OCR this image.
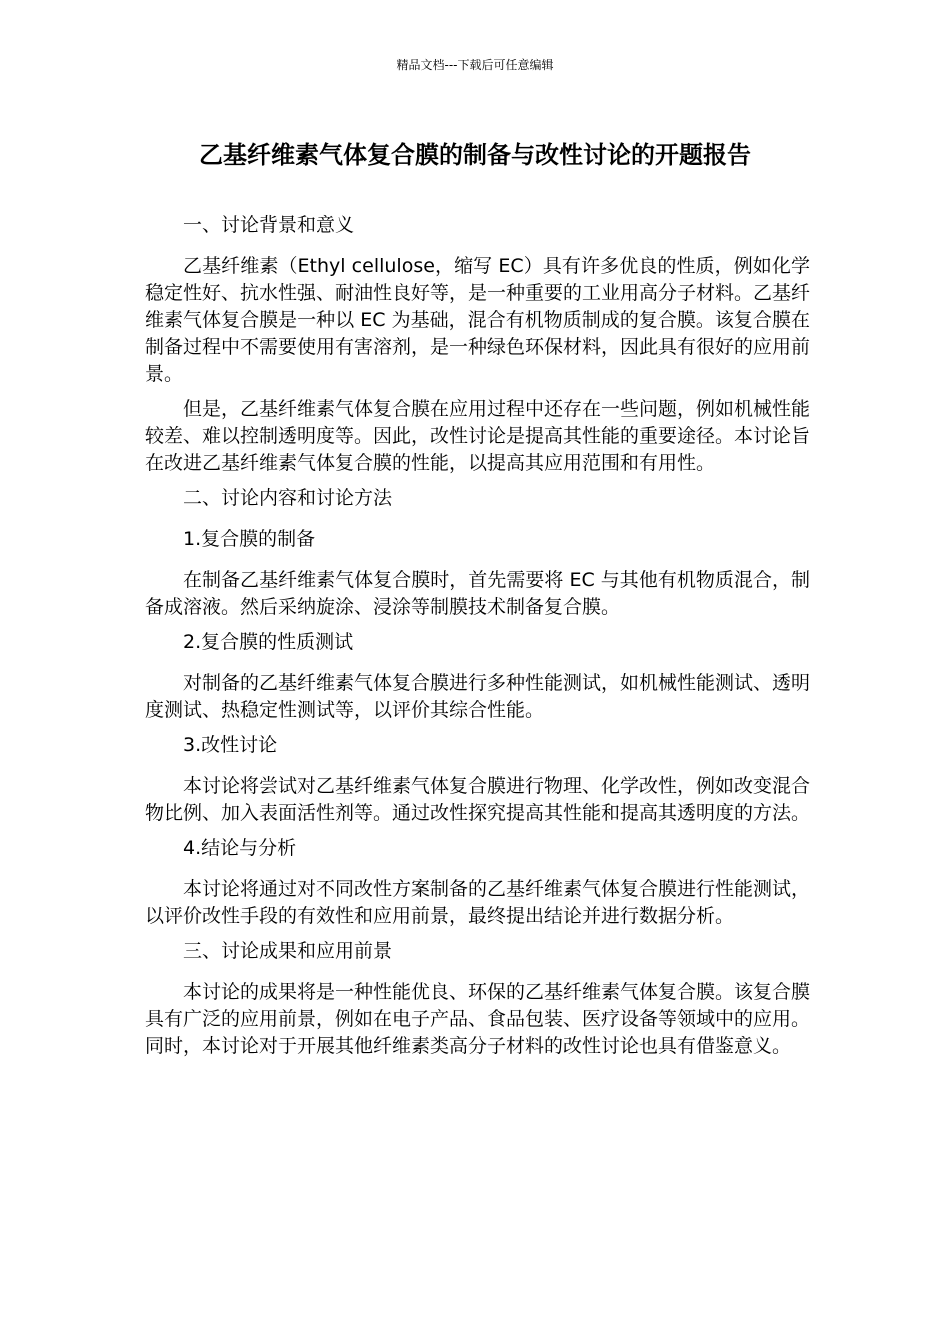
精品文档---下载后可任意编辑
乙基纤维素气体复合膜的制备与改性讨论的开题报告

一、讨论背景和意义

乙基纤维素（Ethyl cellulose，缩写 EC）具有许多优良的性质，例如化学稳定性好、抗水性强、耐油性良好等，是一种重要的工业用高分子材料。乙基纤维素气体复合膜是一种以 EC 为基础，混合有机物质制成的复合膜。该复合膜在制备过程中不需要使用有害溶剂，是一种绿色环保材料，因此具有很好的应用前景。

但是，乙基纤维素气体复合膜在应用过程中还存在一些问题，例如机械性能较差、难以控制透明度等。因此，改性讨论是提高其性能的重要途径。本讨论旨在改进乙基纤维素气体复合膜的性能，以提高其应用范围和有用性。

二、讨论内容和讨论方法

1.复合膜的制备

在制备乙基纤维素气体复合膜时，首先需要将 EC 与其他有机物质混合，制备成溶液。然后采纳旋涂、浸涂等制膜技术制备复合膜。

2.复合膜的性质测试

对制备的乙基纤维素气体复合膜进行多种性能测试，如机械性能测试、透明度测试、热稳定性测试等，以评价其综合性能。

3.改性讨论

本讨论将尝试对乙基纤维素气体复合膜进行物理、化学改性，例如改变混合物比例、加入表面活性剂等。通过改性探究提高其性能和提高其透明度的方法。

4.结论与分析

本讨论将通过对不同改性方案制备的乙基纤维素气体复合膜进行性能测试，以评价改性手段的有效性和应用前景，最终提出结论并进行数据分析。

三、讨论成果和应用前景

本讨论的成果将是一种性能优良、环保的乙基纤维素气体复合膜。该复合膜具有广泛的应用前景，例如在电子产品、食品包装、医疗设备等领域中的应用。同时，本讨论对于开展其他纤维素类高分子材料的改性讨论也具有借鉴意义。
